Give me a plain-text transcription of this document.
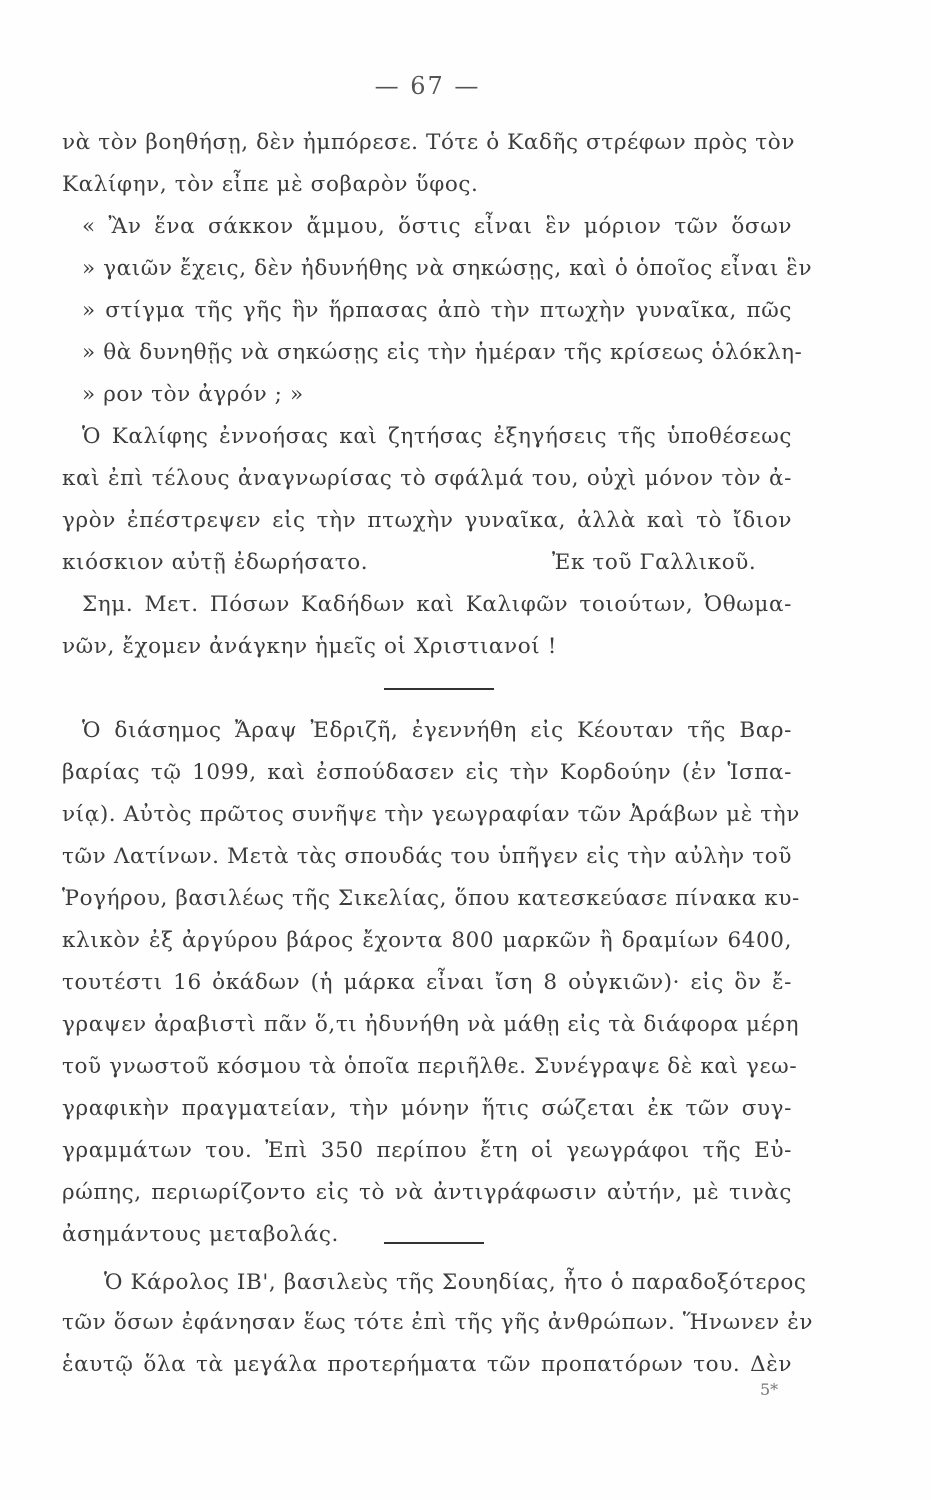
— 67 —
νὰ τὸν βοηθήσῃ, δὲν ἠμπόρεσε. Τότε ὁ Καδῆς στρέφων πρὸς τὸν
Καλίφην, τὸν εἶπε μὲ σοβαρὸν ὕφος.
« Ἂν ἕνα σάκκον ἄμμου, ὅστις εἶναι ἓν μόριον τῶν ὅσων
» γαιῶν ἔχεις, δὲν ἠδυνήθης νὰ σηκώσῃς, καὶ ὁ ὁποῖος εἶναι ἓν
» στίγμα τῆς γῆς ἣν ἥρπασας ἀπὸ τὴν πτωχὴν γυναῖκα, πῶς
» θὰ δυνηθῇς νὰ σηκώσῃς εἰς τὴν ἡμέραν τῆς κρίσεως ὁλόκλη-
» ρον τὸν ἀγρόν ; »
Ὁ Καλίφης ἐννοήσας καὶ ζητήσας ἐξηγήσεις τῆς ὑποθέσεως
καὶ ἐπὶ τέλους ἀναγνωρίσας τὸ σφάλμά του, οὐχὶ μόνον τὸν ἀ-
γρὸν ἐπέστρεψεν εἰς τὴν πτωχὴν γυναῖκα, ἀλλὰ καὶ τὸ ἴδιον
κιόσκιον αὐτῇ ἐδωρήσατο.	Ἐκ τοῦ Γαλλικοῦ.
Σημ. Μετ. Πόσων Καδήδων καὶ Καλιφῶν τοιούτων, Ὀθωμα-
νῶν, ἔχομεν ἀνάγκην ἡμεῖς οἱ Χριστιανοί !
Ὁ διάσημος Ἄραψ Ἐδριζῆ, ἐγεννήθη εἰς Κέουταν τῆς Βαρ-
βαρίας τῷ 1099, καὶ ἐσπούδασεν εἰς τὴν Κορδούην (ἐν Ἱσπα-
νίᾳ). Αὐτὸς πρῶτος συνῆψε τὴν γεωγραφίαν τῶν Ἀράβων μὲ τὴν
τῶν Λατίνων. Μετὰ τὰς σπουδάς του ὑπῆγεν εἰς τὴν αὐλὴν τοῦ
Ῥογήρου, βασιλέως τῆς Σικελίας, ὅπου κατεσκεύασε πίνακα κυ-
κλικὸν ἐξ ἀργύρου βάρος ἔχοντα 800 μαρκῶν ἢ δραμίων 6400,
τουτέστι 16 ὀκάδων (ἡ μάρκα εἶναι ἴση 8 οὐγκιῶν)· εἰς ὃν ἔ-
γραψεν ἀραβιστὶ πᾶν ὅ,τι ἠδυνήθη νὰ μάθῃ εἰς τὰ διάφορα μέρη
τοῦ γνωστοῦ κόσμου τὰ ὁποῖα περιῆλθε. Συνέγραψε δὲ καὶ γεω-
γραφικὴν πραγματείαν, τὴν μόνην ἥτις σώζεται ἐκ τῶν συγ-
γραμμάτων του. Ἐπὶ 350 περίπου ἔτη οἱ γεωγράφοι τῆς Εὐ-
ρώπης, περιωρίζοντο εἰς τὸ νὰ ἀντιγράφωσιν αὐτήν, μὲ τινὰς
ἀσημάντους μεταβολάς.
Ὁ Κάρολος ΙΒ', βασιλεὺς τῆς Σουηδίας, ἦτο ὁ παραδοξότερος
τῶν ὅσων ἐφάνησαν ἕως τότε ἐπὶ τῆς γῆς ἀνθρώπων. Ἥνωνεν ἐν
ἑαυτῷ ὅλα τὰ μεγάλα προτερήματα τῶν προπατόρων του. Δὲν
5*
